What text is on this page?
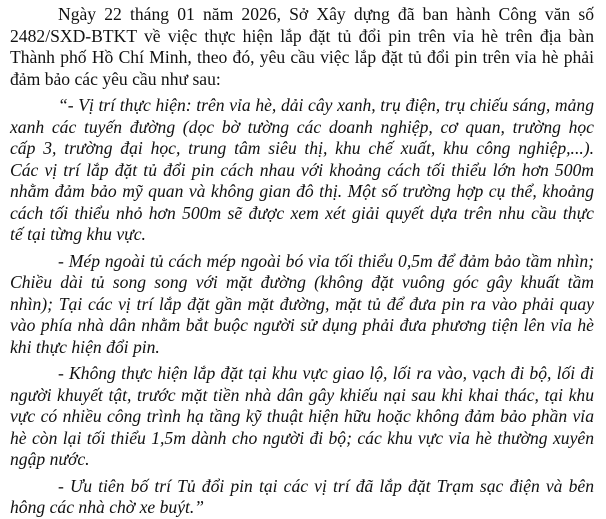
Ngày 22 tháng 01 năm 2026, Sở Xây dựng đã ban hành Công văn số
2482/SXD-BTKT về việc thực hiện lắp đặt tủ đổi pin trên vỉa hè trên địa bàn
Thành phố Hồ Chí Minh, theo đó, yêu cầu việc lắp đặt tủ đổi pin trên vỉa hè phải
đảm bảo các yêu cầu như sau:
“- Vị trí thực hiện: trên vỉa hè, dải cây xanh, trụ điện, trụ chiếu sáng, mảng
xanh các tuyến đường (dọc bờ tường các doanh nghiệp, cơ quan, trường học
cấp 3, trường đại học, trung tâm siêu thị, khu chế xuất, khu công nghiệp,...).
Các vị trí lắp đặt tủ đổi pin cách nhau với khoảng cách tối thiểu lớn hơn 500m
nhằm đảm bảo mỹ quan và không gian đô thị. Một số trường hợp cụ thể, khoảng
cách tối thiểu nhỏ hơn 500m sẽ được xem xét giải quyết dựa trên nhu cầu thực
tế tại từng khu vực.
- Mép ngoài tủ cách mép ngoài bó vỉa tối thiểu 0,5m để đảm bảo tầm nhìn;
Chiều dài tủ song song với mặt đường (không đặt vuông góc gây khuất tầm
nhìn); Tại các vị trí lắp đặt gần mặt đường, mặt tủ để đưa pin ra vào phải quay
vào phía nhà dân nhằm bắt buộc người sử dụng phải đưa phương tiện lên vỉa hè
khi thực hiện đổi pin.
- Không thực hiện lắp đặt tại khu vực giao lộ, lối ra vào, vạch đi bộ, lối đi
người khuyết tật, trước mặt tiền nhà dân gây khiếu nại sau khi khai thác, tại khu
vực có nhiều công trình hạ tầng kỹ thuật hiện hữu hoặc không đảm bảo phần vỉa
hè còn lại tối thiểu 1,5m dành cho người đi bộ; các khu vực vỉa hè thường xuyên
ngập nước.
- Ưu tiên bố trí Tủ đổi pin tại các vị trí đã lắp đặt Trạm sạc điện và bên
hông các nhà chờ xe buýt.”
